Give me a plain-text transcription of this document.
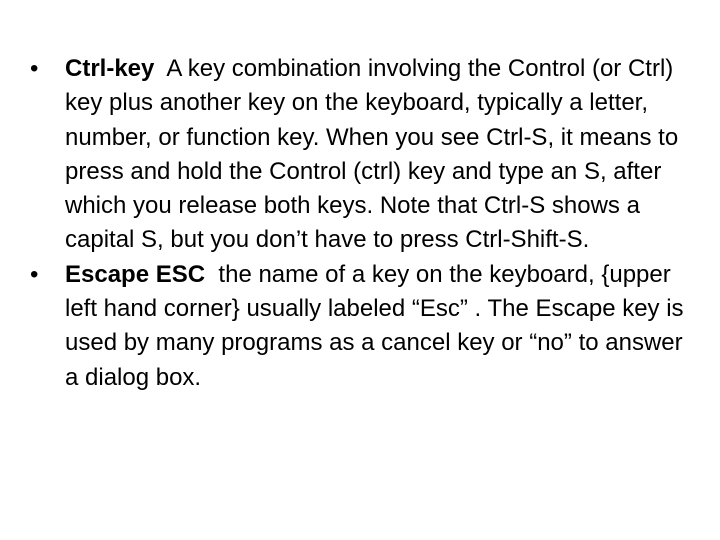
•	Ctrl-key A key combination involving the Control (or Ctrl) key plus another key on the keyboard, typically a letter, number, or function key. When you see Ctrl-S, it means to press and hold the Control (ctrl) key and type an S, after which you release both keys. Note that Ctrl-S shows a capital S, but you don’t have to press Ctrl-Shift-S.
•	Escape ESC the name of a key on the keyboard, {upper left hand corner} usually labeled “Esc” . The Escape key is used by many programs as a cancel key or “no” to answer a dialog box.
